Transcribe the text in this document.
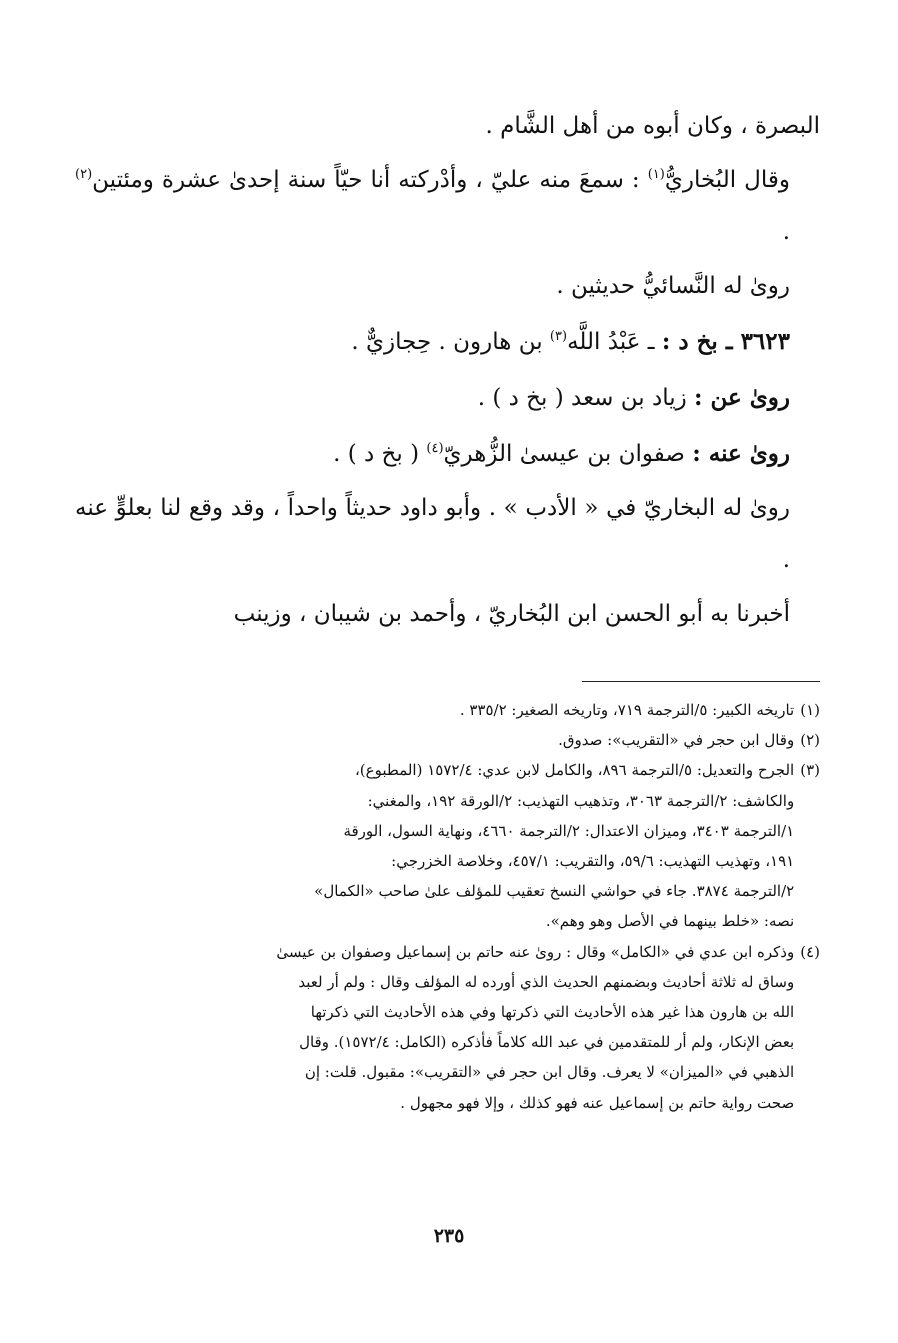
البصرة ، وكان أبوه من أهل الشَّام .

وقال البُخاريُّ$^{(١)}$ : سمعَ منه عليّ ، وأدْركته أنا حيّاً سنة إحدىٰ عشرة ومئتين$^{(٢)}$ .

رویٰ له النَّسائيُّ حديثين .

٣٦٢٣ ـ بخ د : ـ عَبْدُ اللَّه$^{(٣)}$ بن هارون . حِجازيٌّ .

رویٰ عن : زياد بن سعد ( بخ د ) .

رویٰ عنه : صفوان بن عيسىٰ الزُّهريّ$^{(٤)}$ ( بخ د ) .

رویٰ له البخاريّ في « الأدب » . وأبو داود حديثاً واحداً ، وقد وقع لنا بعلوٍّ عنه .

أخبرنا به أبو الحسن ابن البُخاريّ ، وأحمد بن شيبان ، وزينب

(١)
تاريخه الكبير: ٥/الترجمة ٧١٩، وتاريخه الصغير: ٣٣٥/٢ .
(٢)
وقال ابن حجر في «التقريب»: صدوق.
(٣)
الجرح والتعديل: ٥/الترجمة ٨٩٦، والكامل لابن عدي: ١٥٧٢/٤ (المطبوع)،
والكاشف: ٢/الترجمة ٣٠٦٣، وتذهيب التهذيب: ٢/الورقة ١٩٢، والمغني:
١/الترجمة ٣٤٠٣، وميزان الاعتدال: ٢/الترجمة ٤٦٦٠، ونهاية السول، الورقة
١٩١، وتهذيب التهذيب: ٥٩/٦، والتقريب: ٤٥٧/١، وخلاصة الخزرجي:
٢/الترجمة ٣٨٧٤. جاء في حواشي النسخ تعقيب للمؤلف علىٰ صاحب «الكمال»
نصه: «خلط بينهما في الأصل وهو وهم».
(٤)
وذكره ابن عدي في «الكامل» وقال : رویٰ عنه حاتم بن إسماعيل وصفوان بن عيسىٰ
وساق له ثلاثة أحاديث وبضمنهم الحديث الذي أورده له المؤلف وقال : ولم أر لعبد
الله بن هارون هذا غير هذه الأحاديث التي ذكرتها وفي هذه الأحاديث التي ذكرتها
بعض الإنكار، ولم أر للمتقدمين في عبد الله كلاماً فأذكره (الكامل: ١٥٧٢/٤). وقال
الذهبي في «الميزان» لا يعرف. وقال ابن حجر في «التقريب»: مقبول. قلت: إن
صحت رواية حاتم بن إسماعيل عنه فهو كذلك ، وإلا فهو مجهول .
٢٣٥
